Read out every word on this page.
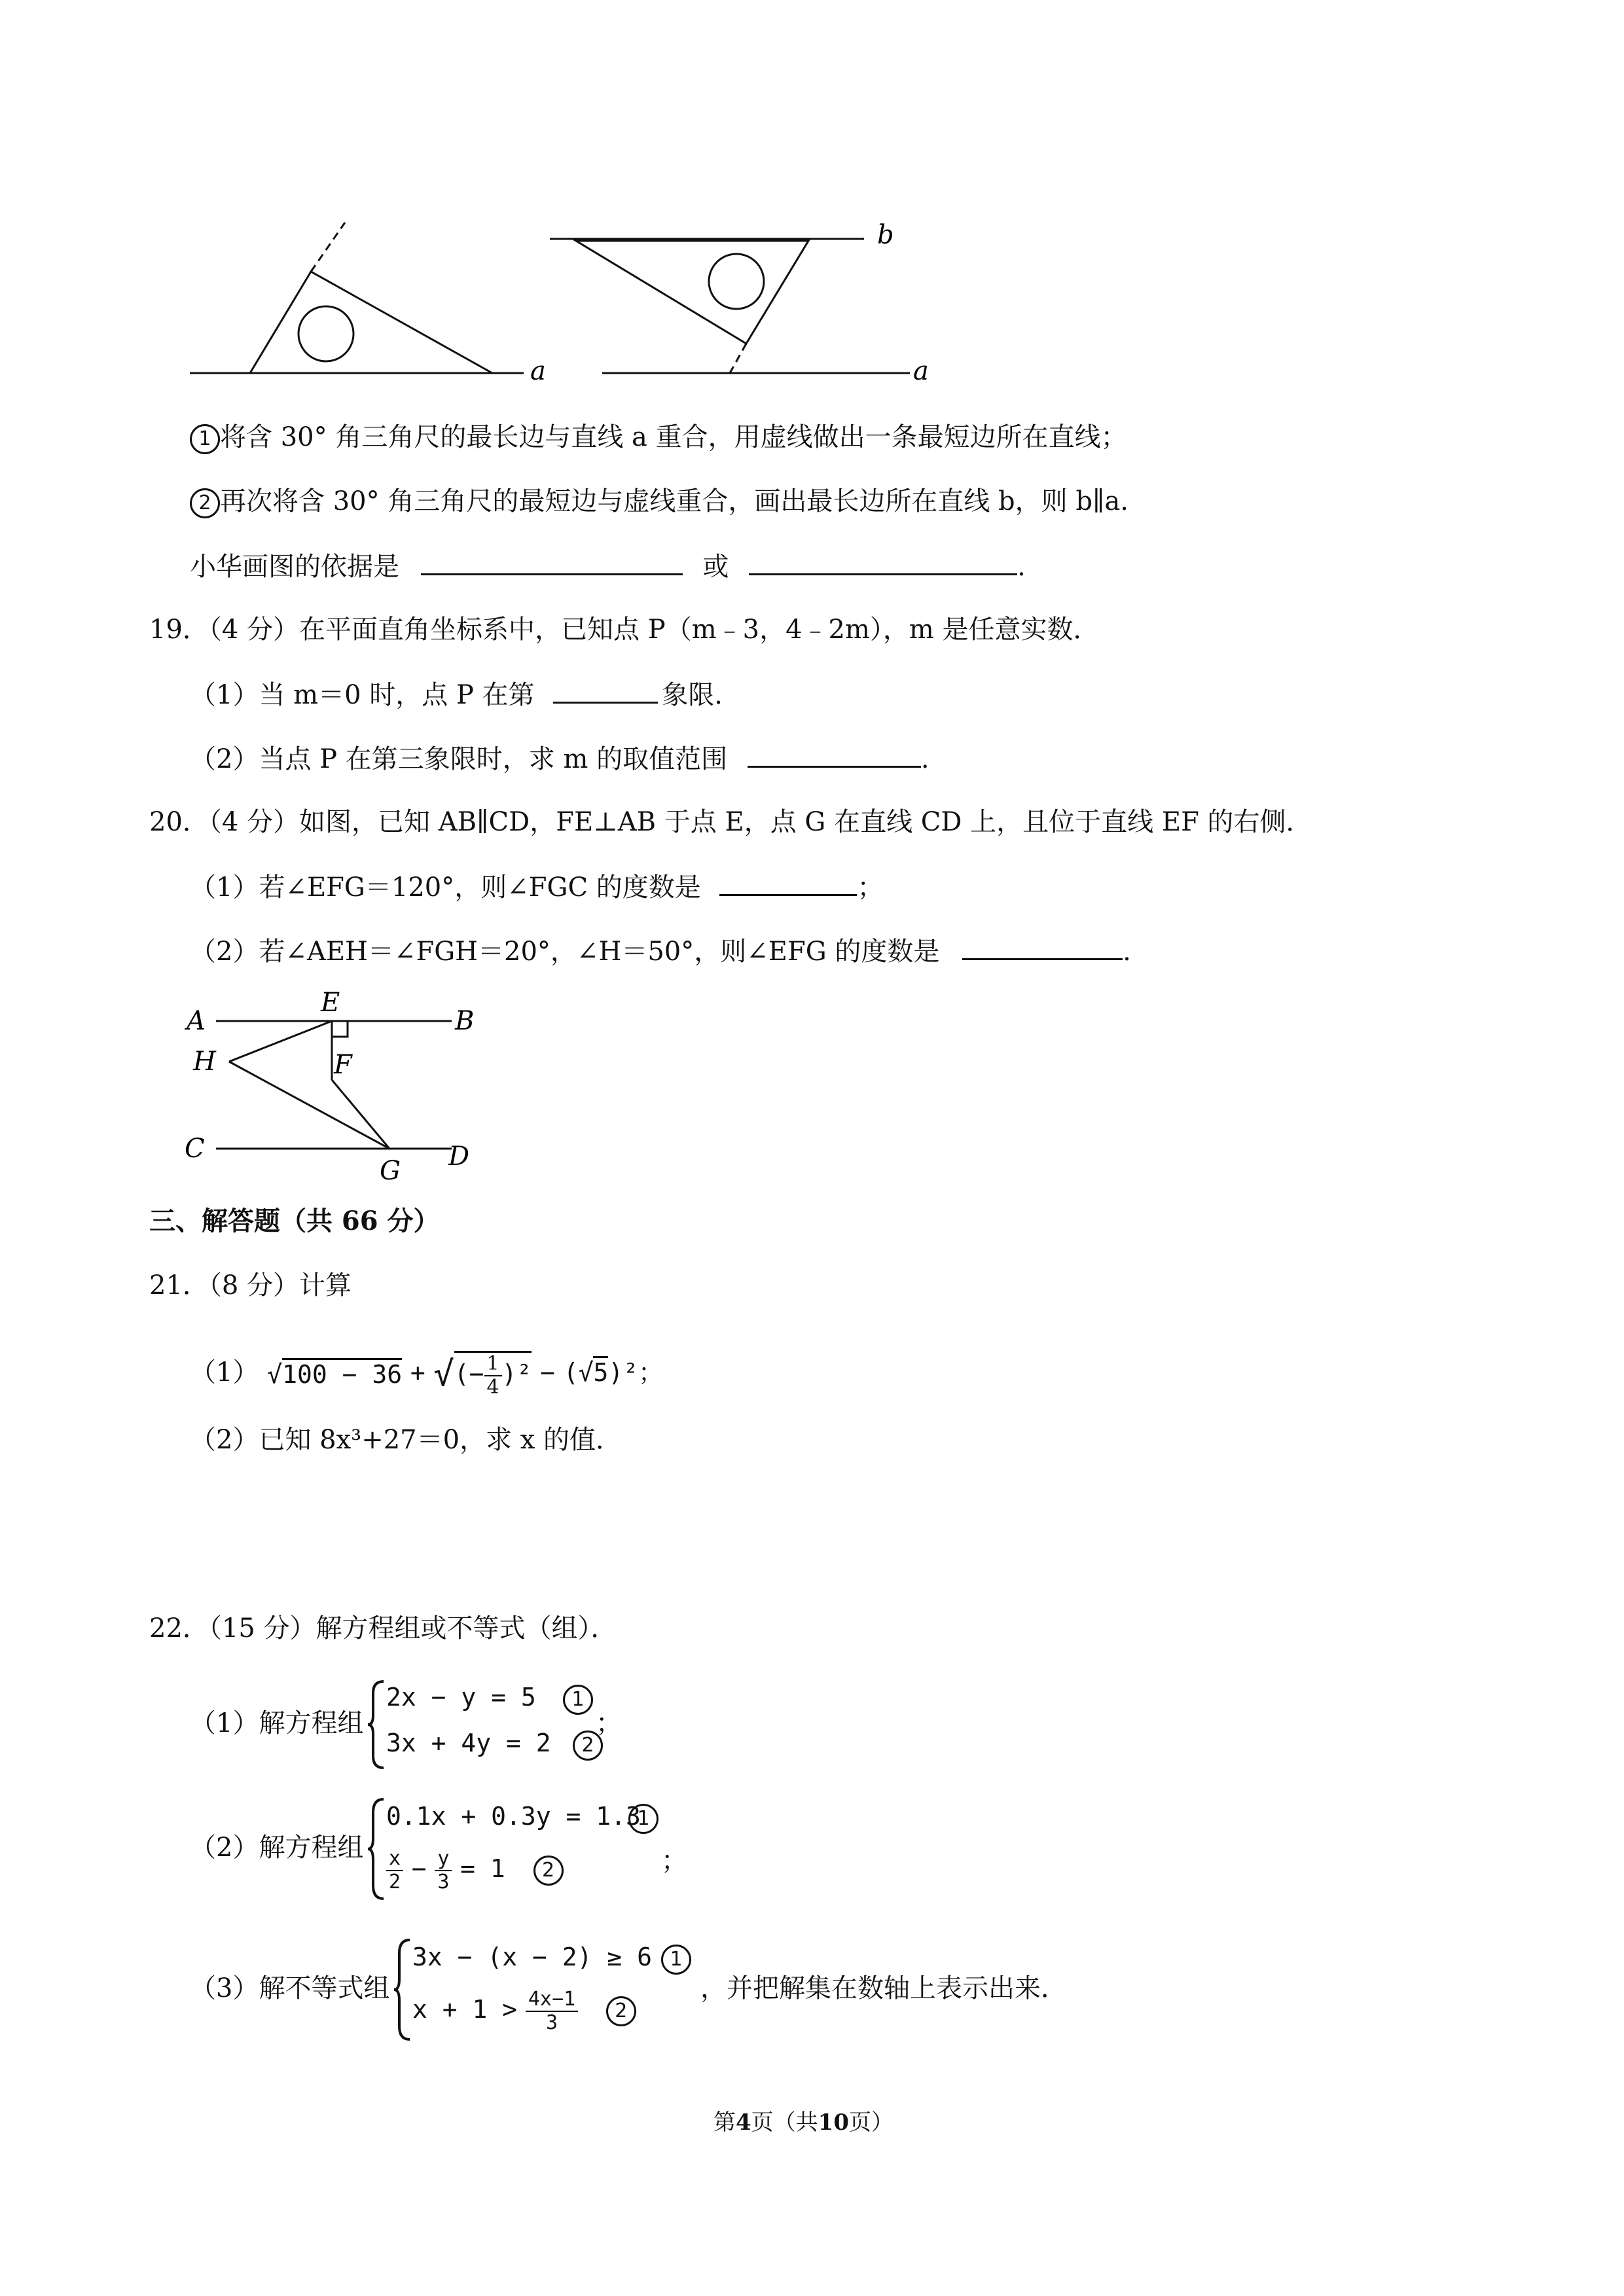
a
b
a
1 将含 30° 角三角尺的最长边与直线 a 重合，用虚线做出一条最短边所在直线；
2 再次将含 30° 角三角尺的最短边与虚线重合，画出最长边所在直线 b，则 b∥a.
小华画图的依据是	或	.
19．（4 分）在平面直角坐标系中，已知点 P（m﹣3，4﹣2m），m 是任意实数．
（1）当 m＝0 时，点 P 在第	象限．
（2）当点 P 在第三象限时，求 m 的取值范围	.
20．（4 分）如图，已知 AB∥CD，FE⊥AB 于点 E，点 G 在直线 CD 上，且位于直线 EF 的右侧．
（1）若∠EFG＝120°，则∠FGC 的度数是	；
（2）若∠AEH＝∠FGH＝20°，∠H＝50°，则∠EFG 的度数是	.
A
E
B
H	F
C
G D
三、解答题（共 66 分）
21．（8 分）计算
（1） √100 − 36 + √(− $\frac{1}{4} )^2 - (√5)^2$；
（2）已知 8x³+27＝0，求 x 的值．
22．（15 分）解方程组或不等式（组）．
（1）解方程组
2x − y = 5	1
3x + 4y = 2	2
；
（2）解方程组
0.1x + 0.3y = 1.3
1
$\frac{x}{2} - \frac{y}{3} = 1$ 2	；
（3）解不等式组
3x − (x − 2) ≥ 6 1
$x + 1 > \frac{4x-1}{3} 2$
，并把解集在数轴上表示出来．
第4页（共10页）
